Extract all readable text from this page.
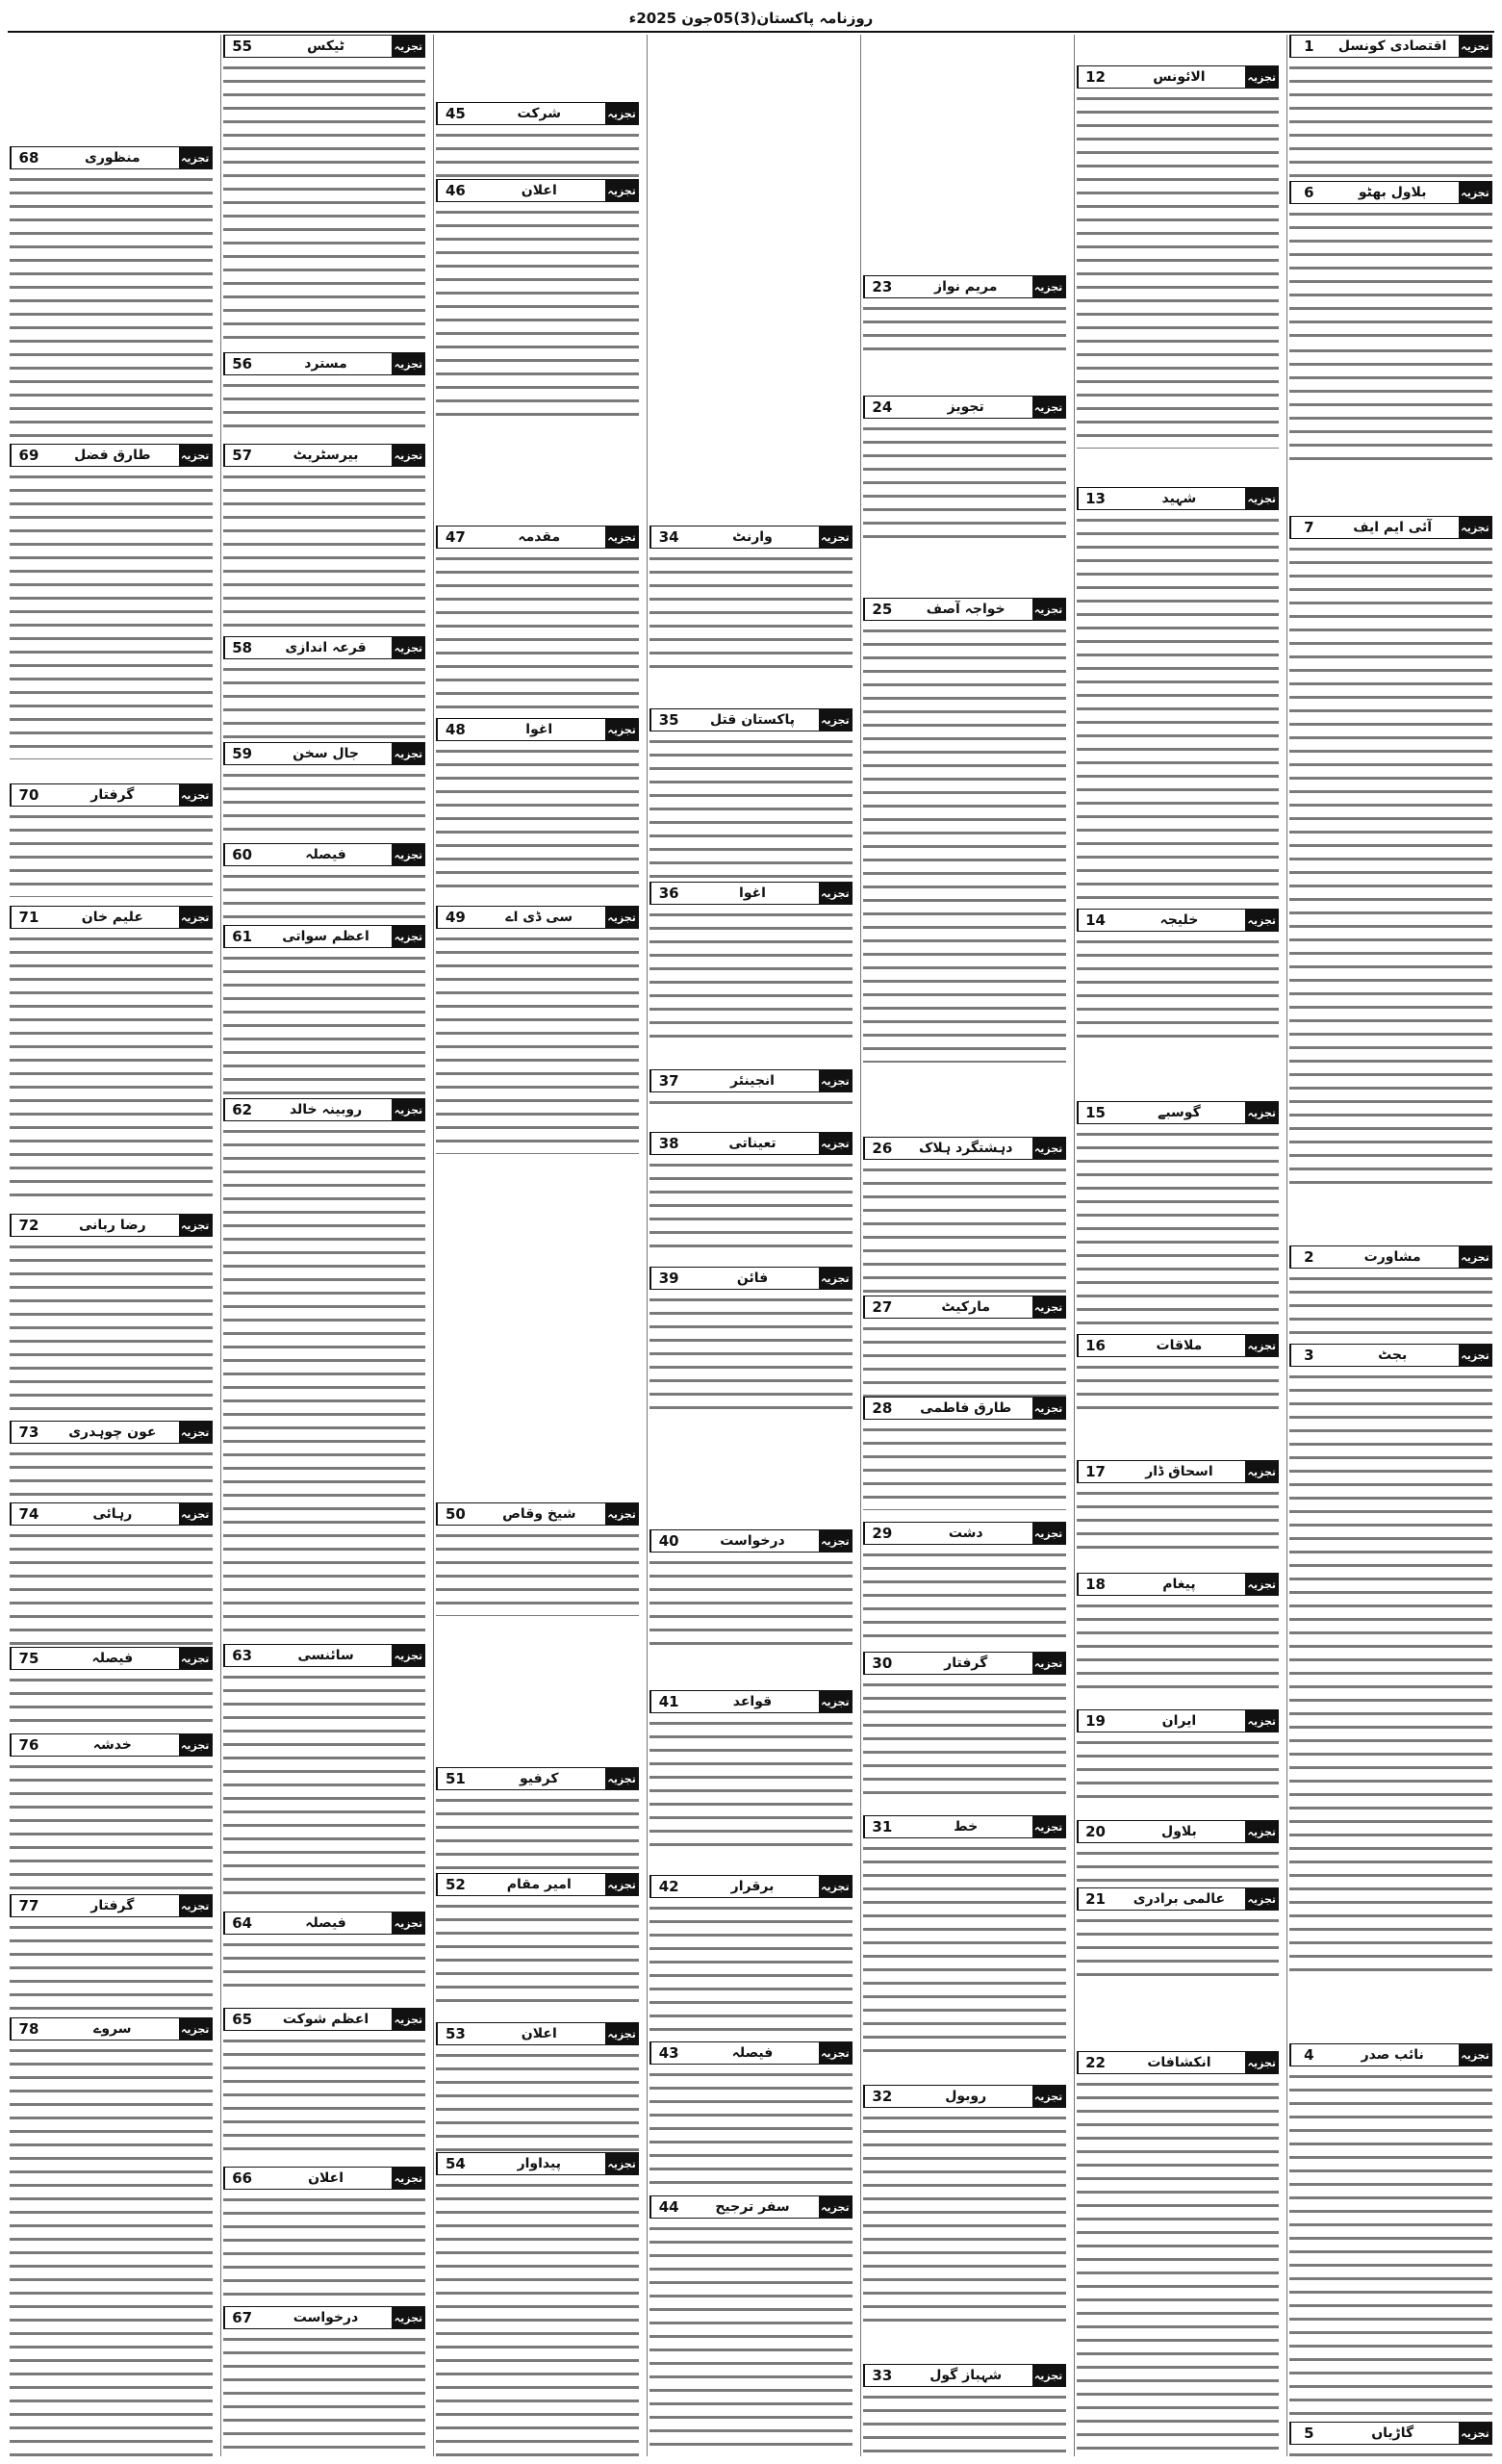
روزنامہ پاکستان(3)05جون 2025ء
تجزیہ
اقتصادی کونسل
1
تجزیہ
بلاول بھٹو
6
تجزیہ
آئی ایم ایف
7
تجزیہ
مشاورت
2
تجزیہ
بجٹ
3
تجزیہ
نائب صدر
4
تجزیہ
گاڑیاں
5
تجزیہ
الائونس
12
تجزیہ
شہید
13
تجزیہ
خلیجہ
14
تجزیہ
گوسبے
15
تجزیہ
ملاقات
16
تجزیہ
اسحاق ڈار
17
تجزیہ
پیغام
18
تجزیہ
ایران
19
تجزیہ
بلاول
20
تجزیہ
عالمی برادری
21
تجزیہ
انکشافات
22
تجزیہ
مریم نواز
23
تجزیہ
تجویز
24
تجزیہ
خواجہ آصف
25
تجزیہ
دہشتگرد ہلاک
26
تجزیہ
مارکیٹ
27
تجزیہ
طارق فاطمی
28
تجزیہ
دشت
29
تجزیہ
گرفتار
30
تجزیہ
خط
31
تجزیہ
روبول
32
تجزیہ
شہباز گول
33
تجزیہ
وارنٹ
34
تجزیہ
پاکستان قتل
35
تجزیہ
اغوا
36
تجزیہ
انجینئر
37
تجزیہ
تعیناتی
38
تجزیہ
فائن
39
تجزیہ
درخواست
40
تجزیہ
قواعد
41
تجزیہ
برقرار
42
تجزیہ
فیصلہ
43
تجزیہ
سفر ترجیح
44
تجزیہ
شرکت
45
تجزیہ
اعلان
46
تجزیہ
مقدمہ
47
تجزیہ
اغوا
48
تجزیہ
سی ڈی اے
49
تجزیہ
شیخ وقاص
50
تجزیہ
کرفیو
51
تجزیہ
امیر مقام
52
تجزیہ
اعلان
53
تجزیہ
پیداوار
54
تجزیہ
ٹیکس
55
تجزیہ
مسترد
56
تجزیہ
بیرسٹریٹ
57
تجزیہ
قرعہ اندازی
58
تجزیہ
جال سخن
59
تجزیہ
فیصلہ
60
تجزیہ
اعظم سواتی
61
تجزیہ
روبینہ خالد
62
تجزیہ
سائنسی
63
تجزیہ
فیصلہ
64
تجزیہ
اعظم شوکت
65
تجزیہ
اعلان
66
تجزیہ
درخواست
67
تجزیہ
منظوری
68
تجزیہ
طارق فضل
69
تجزیہ
گرفتار
70
تجزیہ
علیم خان
71
تجزیہ
رضا ربانی
72
تجزیہ
عون چوہدری
73
تجزیہ
رہائی
74
تجزیہ
فیصلہ
75
تجزیہ
خدشہ
76
تجزیہ
گرفتار
77
تجزیہ
سروے
78
